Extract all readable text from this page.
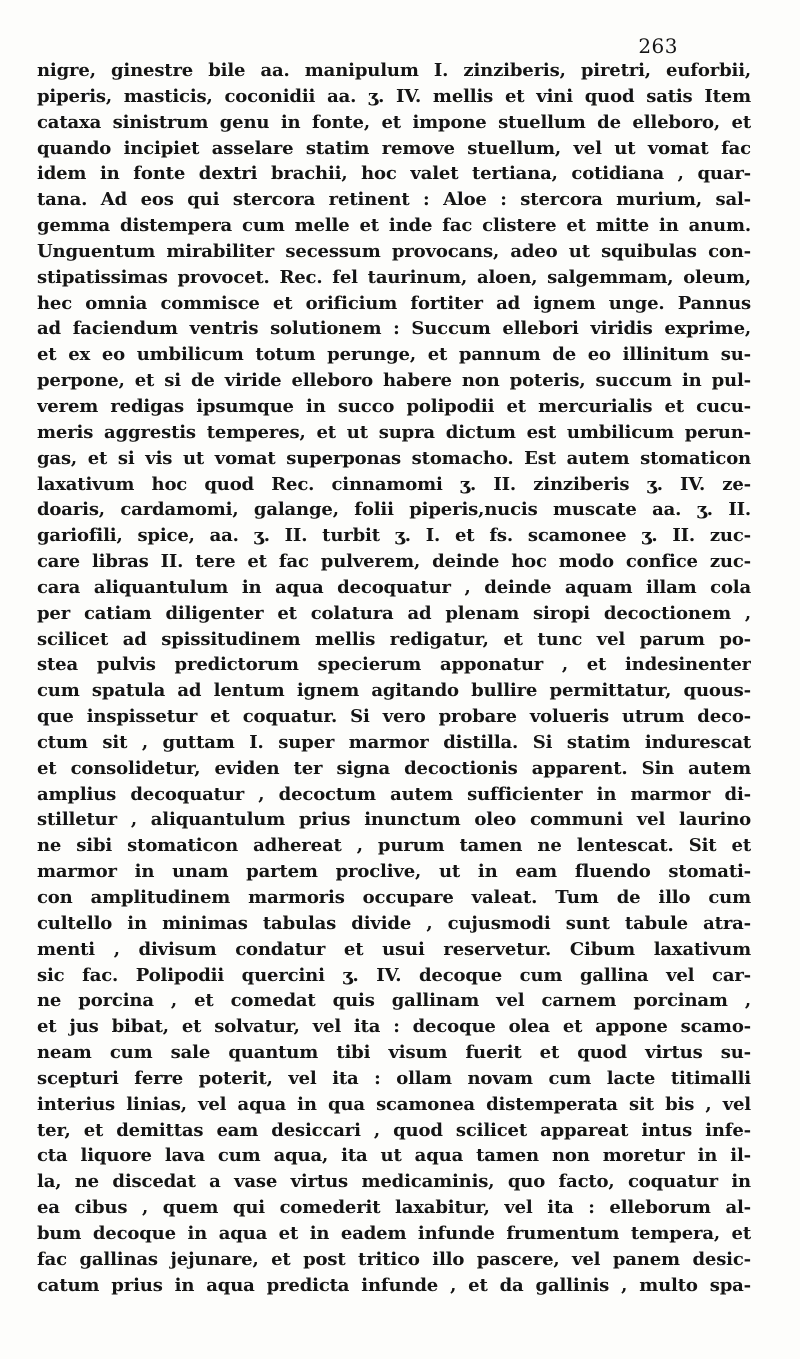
263

nigre, ginestre bile aa. manipulum I. zinziberis, piretri, euforbii,
piperis, masticis, coconidii aa. ʒ. IV. mellis et vini quod satis Item
cataxa sinistrum genu in fonte, et impone stuellum de elleboro, et
quando incipiet asselare statim remove stuellum, vel ut vomat fac
idem in fonte dextri brachii, hoc valet tertiana, cotidiana , quar-
tana. Ad eos qui stercora retinent : Aloe : stercora murium, sal-
gemma distempera cum melle et inde fac clistere et mitte in anum.
Unguentum mirabiliter secessum provocans, adeo ut squibulas con-
stipatissimas provocet. Rec. fel taurinum, aloen, salgemmam, oleum,
hec omnia commisce et orificium fortiter ad ignem unge. Pannus
ad faciendum ventris solutionem : Succum ellebori viridis exprime,
et ex eo umbilicum totum perunge, et pannum de eo illinitum su-
perpone, et si de viride elleboro habere non poteris, succum in pul-
verem redigas ipsumque in succo polipodii et mercurialis et cucu-
meris aggrestis temperes, et ut supra dictum est umbilicum perun-
gas, et si vis ut vomat superponas stomacho. Est autem stomaticon
laxativum hoc quod Rec. cinnamomi ʒ. II. zinziberis ʒ. IV. ze-
doaris, cardamomi, galange, folii piperis,nucis muscate aa. ʒ. II.
gariofili, spice, aa. ʒ. II. turbit ʒ. I. et fs. scamonee ʒ. II. zuc-
care libras II. tere et fac pulverem, deinde hoc modo confice zuc-
cara aliquantulum in aqua decoquatur , deinde aquam illam cola
per catiam diligenter et colatura ad plenam siropi decoctionem ,
scilicet ad spissitudinem mellis redigatur, et tunc vel parum po-
stea pulvis predictorum specierum apponatur , et indesinenter
cum spatula ad lentum ignem agitando bullire permittatur, quous-
que inspissetur et coquatur. Si vero probare volueris utrum deco-
ctum sit , guttam I. super marmor distilla. Si statim indurescat
et consolidetur, eviden ter signa decoctionis apparent. Sin autem
amplius decoquatur , decoctum autem sufficienter in marmor di-
stilletur , aliquantulum prius inunctum oleo communi vel laurino
ne sibi stomaticon adhereat , purum tamen ne lentescat. Sit et
marmor in unam partem proclive, ut in eam fluendo stomati-
con amplitudinem marmoris occupare valeat. Tum de illo cum
cultello in minimas tabulas divide , cujusmodi sunt tabule atra-
menti , divisum condatur et usui reservetur. Cibum laxativum
sic fac. Polipodii quercini ʒ. IV. decoque cum gallina vel car-
ne porcina , et comedat quis gallinam vel carnem porcinam ,
et jus bibat, et solvatur, vel ita : decoque olea et appone scamo-
neam cum sale quantum tibi visum fuerit et quod virtus su-
scepturi ferre poterit, vel ita : ollam novam cum lacte titimalli
interius linias, vel aqua in qua scamonea distemperata sit bis , vel
ter, et demittas eam desiccari , quod scilicet appareat intus infe-
cta liquore lava cum aqua, ita ut aqua tamen non moretur in il-
la, ne discedat a vase virtus medicaminis, quo facto, coquatur in
ea cibus , quem qui comederit laxabitur, vel ita : elleborum al-
bum decoque in aqua et in eadem infunde frumentum tempera, et
fac gallinas jejunare, et post tritico illo pascere, vel panem desic-
catum prius in aqua predicta infunde , et da gallinis , multo spa-
